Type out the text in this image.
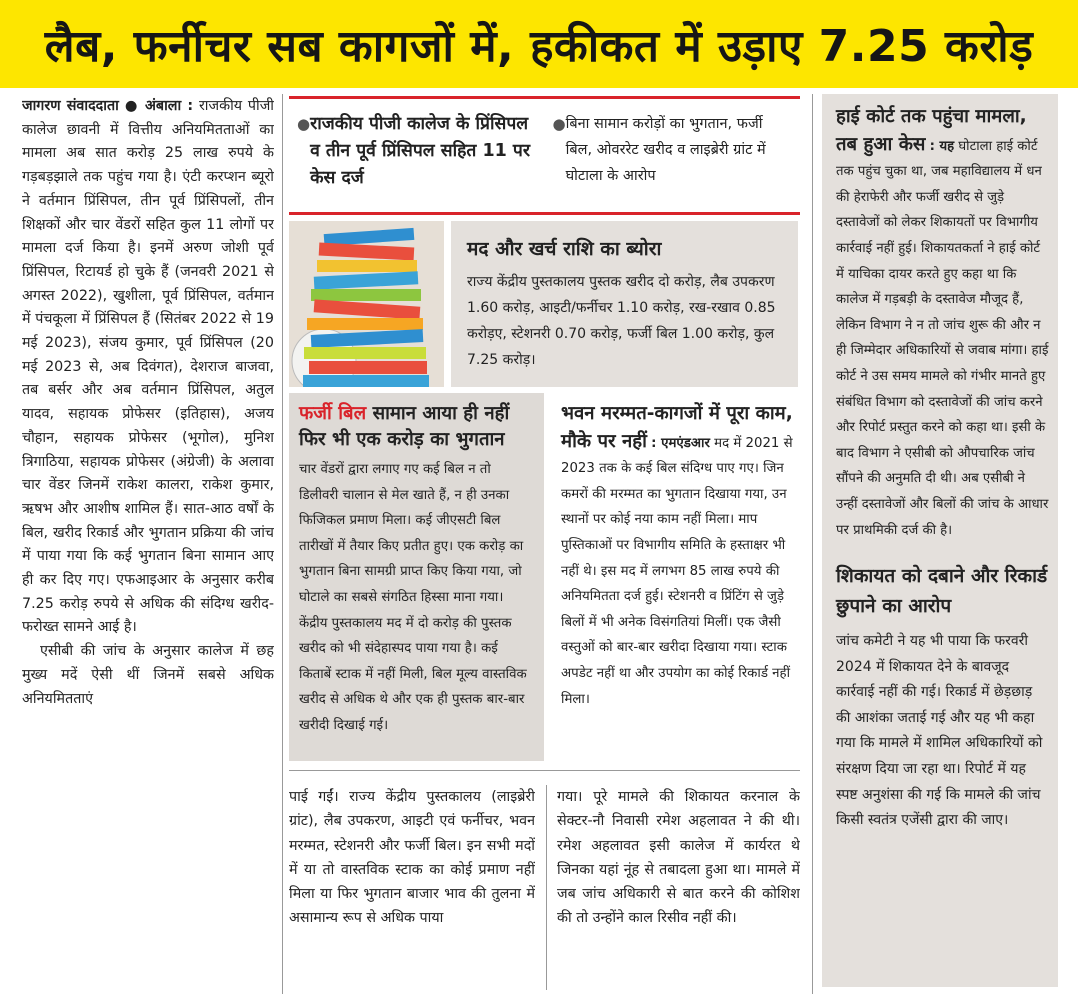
लैब, फर्नीचर सब कागजों में, हकीकत में उड़ाए 7.25 करोड़

जागरण संवाददाता ● अंबाला : राजकीय पीजी कालेज छावनी में वित्तीय अनियमितताओं का मामला अब सात करोड़ 25 लाख रुपये के गड़बड़झाले तक पहुंच गया है। एंटी करप्शन ब्यूरो ने वर्तमान प्रिंसिपल, तीन पूर्व प्रिंसिपलों, तीन शिक्षकों और चार वेंडरों सहित कुल 11 लोगों पर मामला दर्ज किया है। इनमें अरुण जोशी पूर्व प्रिंसिपल, रिटायर्ड हो चुके हैं (जनवरी 2021 से अगस्त 2022), खुशीला, पूर्व प्रिंसिपल, वर्तमान में पंचकूला में प्रिंसिपल हैं (सितंबर 2022 से 19 मई 2023), संजय कुमार, पूर्व प्रिंसिपल (20 मई 2023 से, अब दिवंगत), देशराज बाजवा, तब बर्सर और अब वर्तमान प्रिंसिपल, अतुल यादव, सहायक प्रोफेसर (इतिहास), अजय चौहान, सहायक प्रोफेसर (भूगोल), मुनिश त्रिगाठिया, सहायक प्रोफेसर (अंग्रेजी) के अलावा चार वेंडर जिनमें राकेश कालरा, राकेश कुमार, ऋषभ और आशीष शामिल हैं। सात-आठ वर्षों के बिल, खरीद रिकार्ड और भुगतान प्रक्रिया की जांच में पाया गया कि कई भुगतान बिना सामान आए ही कर दिए गए। एफआइआर के अनुसार करीब 7.25 करोड़ रुपये से अधिक की संदिग्ध खरीद-फरोख्त सामने आई है।

एसीबी की जांच के अनुसार कालेज में छह मुख्य मदें ऐसी थीं जिनमें सबसे अधिक अनियमितताएं

● राजकीय पीजी कालेज के प्रिंसिपल व तीन पूर्व प्रिंसिपल सहित 11 पर केस दर्ज
● बिना सामान करोड़ों का भुगतान, फर्जी बिल, ओवररेट खरीद व लाइब्रेरी ग्रांट में घोटाला के आरोप
मद और खर्च राशि का ब्योरा

राज्य केंद्रीय पुस्तकालय पुस्तक खरीद दो करोड़, लैब उपकरण 1.60 करोड़, आइटी/फर्नीचर 1.10 करोड़, रख-रखाव 0.85 करोड़ए, स्टेशनरी 0.70 करोड़, फर्जी बिल 1.00 करोड़, कुल 7.25 करोड़।

फर्जी बिल सामान आया ही नहीं फिर भी एक करोड़ का भुगतान

चार वेंडरों द्वारा लगाए गए कई बिल न तो डिलीवरी चालान से मेल खाते हैं, न ही उनका फिजिकल प्रमाण मिला। कई जीएसटी बिल तारीखों में तैयार किए प्रतीत हुए। एक करोड़ का भुगतान बिना सामग्री प्राप्त किए किया गया, जो घोटाले का सबसे संगठित हिस्सा माना गया। केंद्रीय पुस्तकालय मद में दो करोड़ की पुस्तक खरीद को भी संदेहास्पद पाया गया है। कई किताबें स्टाक में नहीं मिली, बिल मूल्य वास्तविक खरीद से अधिक थे और एक ही पुस्तक बार-बार खरीदी दिखाई गई।

भवन मरम्मत-कागजों में पूरा काम, मौके पर नहीं : एमएंडआर मद में 2021 से 2023 तक के कई बिल संदिग्ध पाए गए। जिन कमरों की मरम्मत का भुगतान दिखाया गया, उन स्थानों पर कोई नया काम नहीं मिला। माप पुस्तिकाओं पर विभागीय समिति के हस्ताक्षर भी नहीं थे। इस मद में लगभग 85 लाख रुपये की अनियमितता दर्ज हुई। स्टेशनरी व प्रिंटिंग से जुड़े बिलों में भी अनेक विसंगतियां मिलीं। एक जैसी वस्तुओं को बार-बार खरीदा दिखाया गया। स्टाक अपडेट नहीं था और उपयोग का कोई रिकार्ड नहीं मिला।

पाई गईं। राज्य केंद्रीय पुस्तकालय (लाइब्रेरी ग्रांट), लैब उपकरण, आइटी एवं फर्नीचर, भवन मरम्मत, स्टेशनरी और फर्जी बिल। इन सभी मदों में या तो वास्तविक स्टाक का कोई प्रमाण नहीं मिला या फिर भुगतान बाजार भाव की तुलना में असामान्य रूप से अधिक पाया

गया। पूरे मामले की शिकायत करनाल के सेक्टर-नौ निवासी रमेश अहलावत ने की थी। रमेश अहलावत इसी कालेज में कार्यरत थे जिनका यहां नूंह से तबादला हुआ था। मामले में जब जांच अधिकारी से बात करने की कोशिश की तो उन्होंने काल रिसीव नहीं की।

हाई कोर्ट तक पहुंचा मामला, तब हुआ केस : यह घोटाला हाई कोर्ट तक पहुंच चुका था, जब महाविद्यालय में धन की हेराफेरी और फर्जी खरीद से जुड़े दस्तावेजों को लेकर शिकायतों पर विभागीय कार्रवाई नहीं हुई। शिकायतकर्ता ने हाई कोर्ट में याचिका दायर करते हुए कहा था कि कालेज में गड़बड़ी के दस्तावेज मौजूद हैं, लेकिन विभाग ने न तो जांच शुरू की और न ही जिम्मेदार अधिकारियों से जवाब मांगा। हाई कोर्ट ने उस समय मामले को गंभीर मानते हुए संबंधित विभाग को दस्तावेजों की जांच करने और रिपोर्ट प्रस्तुत करने को कहा था। इसी के बाद विभाग ने एसीबी को औपचारिक जांच सौंपने की अनुमति दी थी। अब एसीबी ने उन्हीं दस्तावेजों और बिलों की जांच के आधार पर प्राथमिकी दर्ज की है।

शिकायत को दबाने और रिकार्ड छुपाने का आरोप

जांच कमेटी ने यह भी पाया कि फरवरी 2024 में शिकायत देने के बावजूद कार्रवाई नहीं की गई। रिकार्ड में छेड़छाड़ की आशंका जताई गई और यह भी कहा गया कि मामले में शामिल अधिकारियों को संरक्षण दिया जा रहा था। रिपोर्ट में यह स्पष्ट अनुशंसा की गई कि मामले की जांच किसी स्वतंत्र एजेंसी द्वारा की जाए।
